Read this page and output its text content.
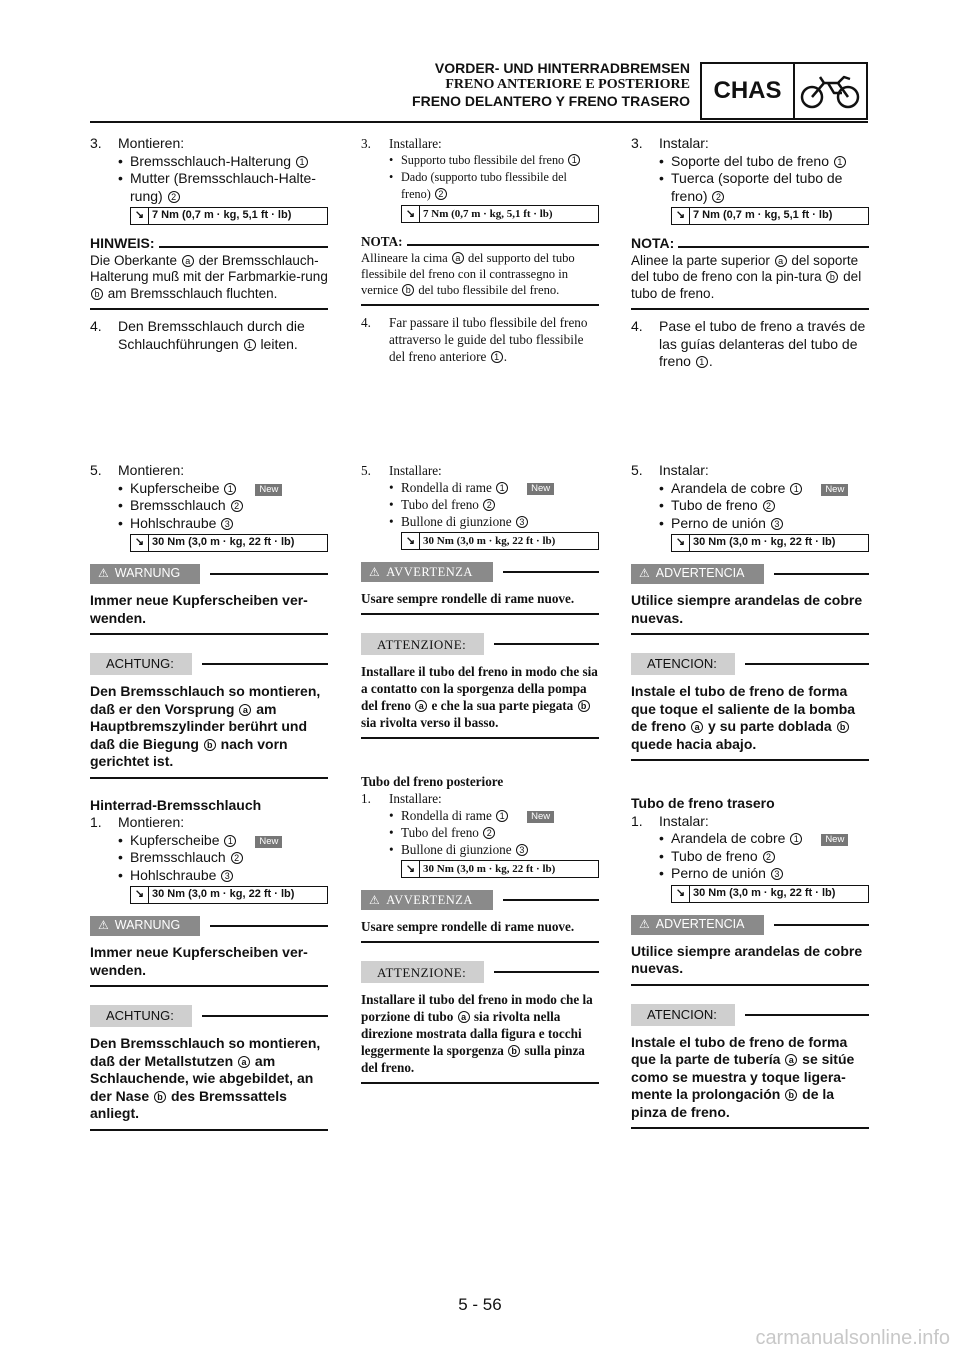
VORDER- UND HINTERRADBREMSEN
FRENO ANTERIORE E POSTERIORE
FRENO DELANTERO Y FRENO TRASERO CHAS
3.	Montieren:
• Bremsschlauch-Halterung 1
• Mutter (Bremsschlauch-Halte-rung) 2
↘ 7 Nm (0,7 m · kg, 5,1 ft · lb)
HINWEIS:
Die Oberkante a der Bremsschlauch-Halterung muß mit der Farbmarkie-rung b am Bremsschlauch fluchten.
4.	Den Bremsschlauch durch die Schlauchführungen 1 leiten.
5.	Montieren:
• Kupferscheibe 1	New
• Bremsschlauch 2
• Hohlschraube 3
↘ 30 Nm (3,0 m · kg, 22 ft · lb)
⚠ WARNUNG
Immer neue Kupferscheiben ver-wenden.
ACHTUNG:
Den Bremsschlauch so montieren, daß er den Vorsprung a am Hauptbremszylinder berührt und daß die Biegung b nach vorn gerichtet ist.
Hinterrad-Bremsschlauch
1.	Montieren:
• Kupferscheibe 1	New
• Bremsschlauch 2
• Hohlschraube 3
↘ 30 Nm (3,0 m · kg, 22 ft · lb)
⚠ WARNUNG
Immer neue Kupferscheiben ver-wenden.
ACHTUNG:
Den Bremsschlauch so montieren, daß der Metallstutzen a am Schlauchende, wie abgebildet, an der Nase b des Bremssattels anliegt.
3.	Installare:
• Supporto tubo flessibile del freno 1
• Dado (supporto tubo flessibile del freno) 2
↘ 7 Nm (0,7 m · kg, 5,1 ft · lb)
NOTA:
Allineare la cima a del supporto del tubo flessibile del freno con il contrassegno in vernice b del tubo flessibile del freno.
4.	Far passare il tubo flessibile del freno attraverso le guide del tubo flessibile del freno anteriore 1 .
5.	Installare:
• Rondella di rame 1	New
• Tubo del freno 2
• Bullone di giunzione 3
↘ 30 Nm (3,0 m · kg, 22 ft · lb)
⚠ AVVERTENZA
Usare sempre rondelle di rame nuove.
ATTENZIONE:
Installare il tubo del freno in modo che sia a contatto con la sporgenza della pompa del freno a e che la sua parte piegata b sia rivolta verso il basso.
Tubo del freno posteriore
1.	Installare:
• Rondella di rame 1	New
• Tubo del freno 2
• Bullone di giunzione 3
↘ 30 Nm (3,0 m · kg, 22 ft · lb)
⚠ AVVERTENZA
Usare sempre rondelle di rame nuove.
ATTENZIONE:
Installare il tubo del freno in modo che la porzione di tubo a sia rivolta nella direzione mostrata dalla figura e tocchi leggermente la sporgenza b sulla pinza del freno.
3.	Instalar:
• Soporte del tubo de freno 1
• Tuerca (soporte del tubo de freno) 2
↘ 7 Nm (0,7 m · kg, 5,1 ft · lb)
NOTA:
Alinee la parte superior a del soporte del tubo de freno con la pin-tura b del tubo de freno.
4.	Pase el tubo de freno a través de las guías delanteras del tubo de freno 1 .
5.	Instalar:
• Arandela de cobre 1	New
• Tubo de freno 2
• Perno de unión 3
↘ 30 Nm (3,0 m · kg, 22 ft · lb)
⚠ ADVERTENCIA
Utilice siempre arandelas de cobre nuevas.
ATENCION:
Instale el tubo de freno de forma que toque el saliente de la bomba de freno a y su parte doblada b quede hacia abajo.
Tubo de freno trasero
1.	Instalar:
• Arandela de cobre 1	New
• Tubo de freno 2
• Perno de unión 3
↘ 30 Nm (3,0 m · kg, 22 ft · lb)
⚠ ADVERTENCIA
Utilice siempre arandelas de cobre nuevas.
ATENCION:
Instale el tubo de freno de forma que la parte de tubería a se sitúe como se muestra y toque ligera-mente la prolongación b de la pinza de freno.
5 - 56
carmanualsonline.info
